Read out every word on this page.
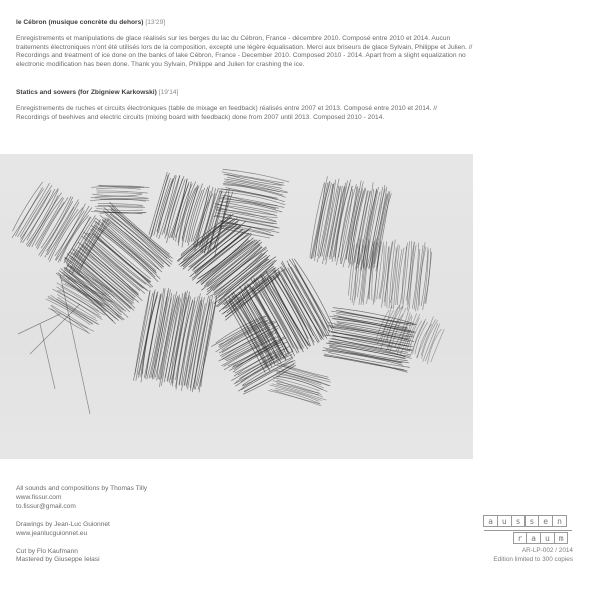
le Cébron (musique concrète du dehors) [13'29]

Enregistrements et manipulations de glace réalisés sur les berges du lac du Cébron, France - décembre 2010. Composé entre 2010 et 2014. Aucun traitements électroniques n'ont été utilisés lors de la composition, excepté une légère équalisation. Merci aux briseurs de glace Sylvain, Philippe et Julien. //

Recordings and treatment of ice done on the banks of lake Cébron, France - December 2010. Composed 2010 - 2014. Apart from a slight equalization no electronic modification has been done. Thank you Sylvain, Philippe and Julien for crashing the ice.

Statics and sowers (for Zbigniew Karkowski) [19'14]

Enregistrements de ruches et circuits électroniques (table de mixage en feedback) réalisés entre 2007 et 2013. Composé entre 2010 et 2014. //

Recordings of beehives and electric circuits (mixing board with feedback) done from 2007 until 2013. Composed 2010 - 2014.

All sounds and compositions by Thomas Tilly
www.fissur.com
to.fissur@gmail.com
Drawings by Jean-Luc Guionnet
www.jeanlucguionnet.eu
Cut by Flo Kaufmann
Mastered by Giuseppe Ielasi
a	u	s	s	e	n
r	a	u	m
AR-LP-002 / 2014
Edition limited to 300 copies
